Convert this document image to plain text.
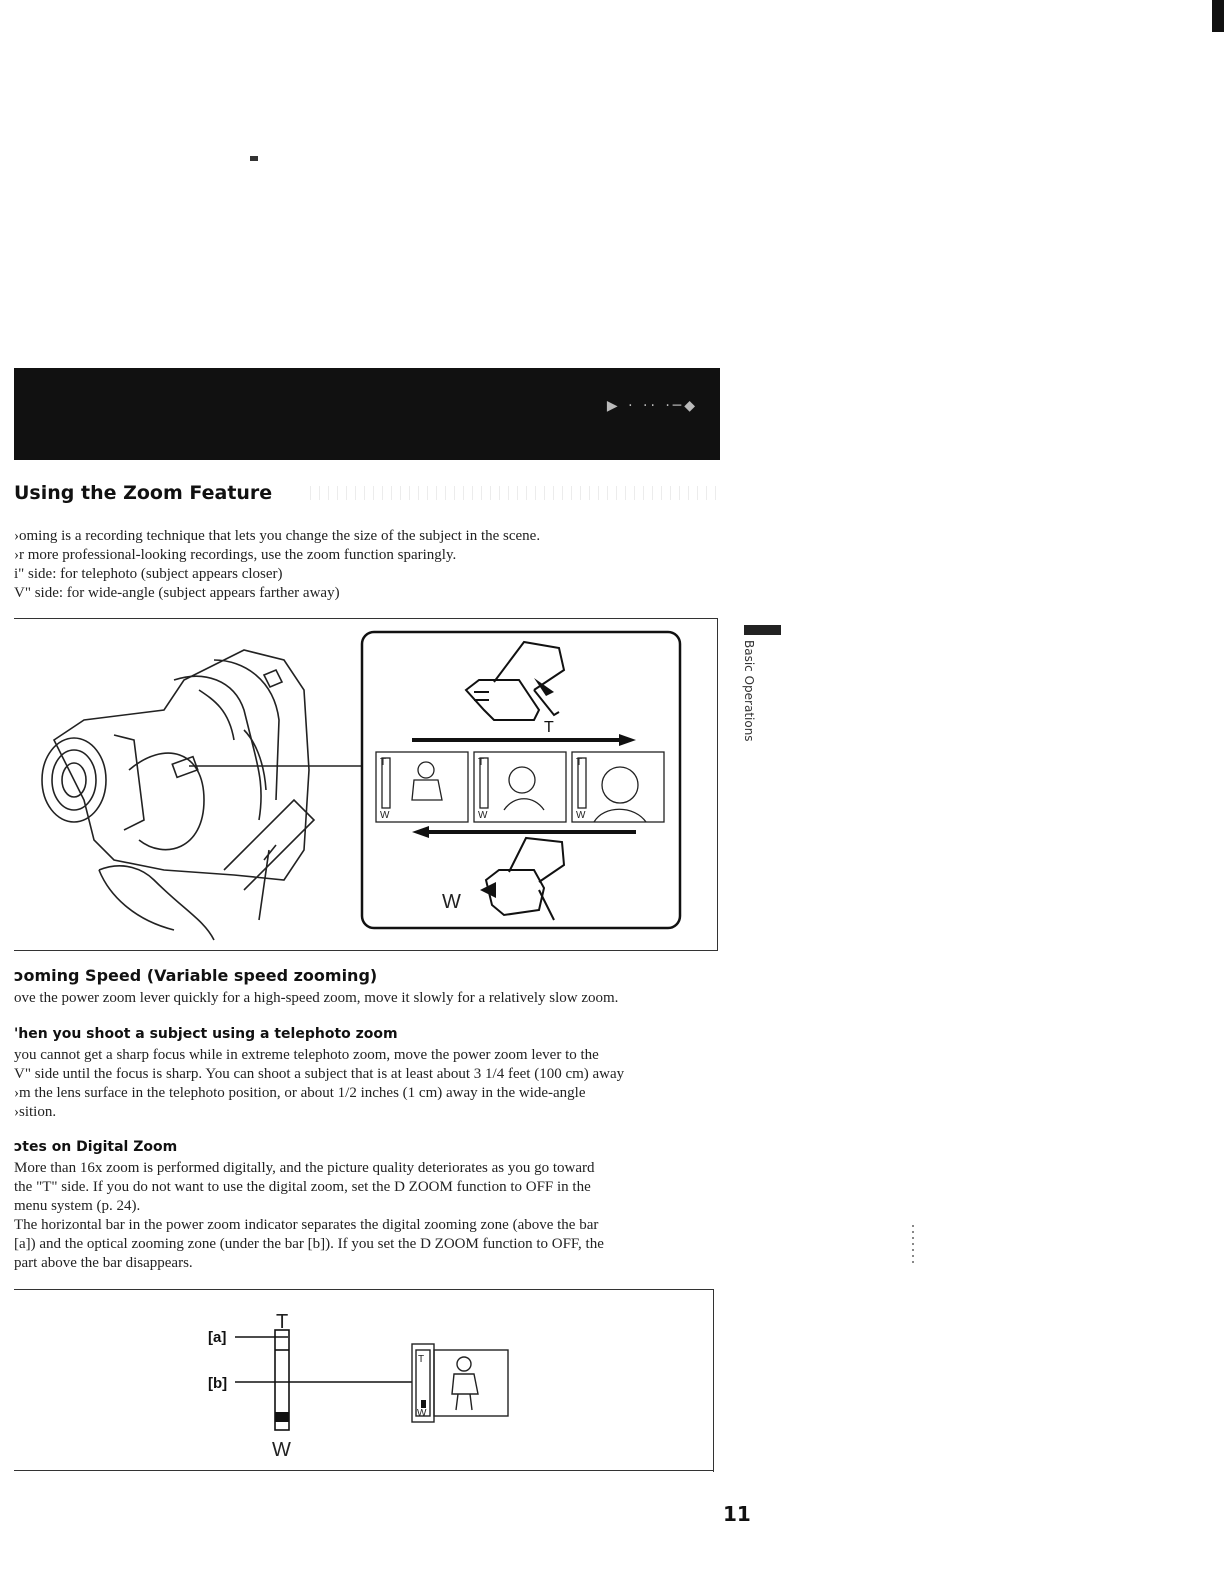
▶ · ·· ·─◆
Using the Zoom Feature
›oming is a recording technique that lets you change the size of the subject in the scene.
›r more professional-looking recordings, use the zoom function sparingly.
i" side: for telephoto (subject appears closer)
V" side: for wide-angle (subject appears farther away)
T
T
W
T
W
T
W
W
Basic Operations
ɔoming Speed (Variable speed zooming)
ove the power zoom lever quickly for a high-speed zoom, move it slowly for a relatively slow zoom.
'hen you shoot a subject using a telephoto zoom
you cannot get a sharp focus while in extreme telephoto zoom, move the power zoom lever to the
V" side until the focus is sharp. You can shoot a subject that is at least about 3 1/4 feet (100 cm) away
›m the lens surface in the telephoto position, or about 1/2 inches (1 cm) away in the wide-angle
›sition.
ɔtes on Digital Zoom
More than 16x zoom is performed digitally, and the picture quality deteriorates as you go toward
the "T" side. If you do not want to use the digital zoom, set the D ZOOM function to OFF in the
menu system (p. 24).
The horizontal bar in the power zoom indicator separates the digital zooming zone (above the bar
[a]) and the optical zooming zone (under the bar [b]). If you set the D ZOOM function to OFF, the
part above the bar disappears.
T
[a]
[b]
W
T
W
11
